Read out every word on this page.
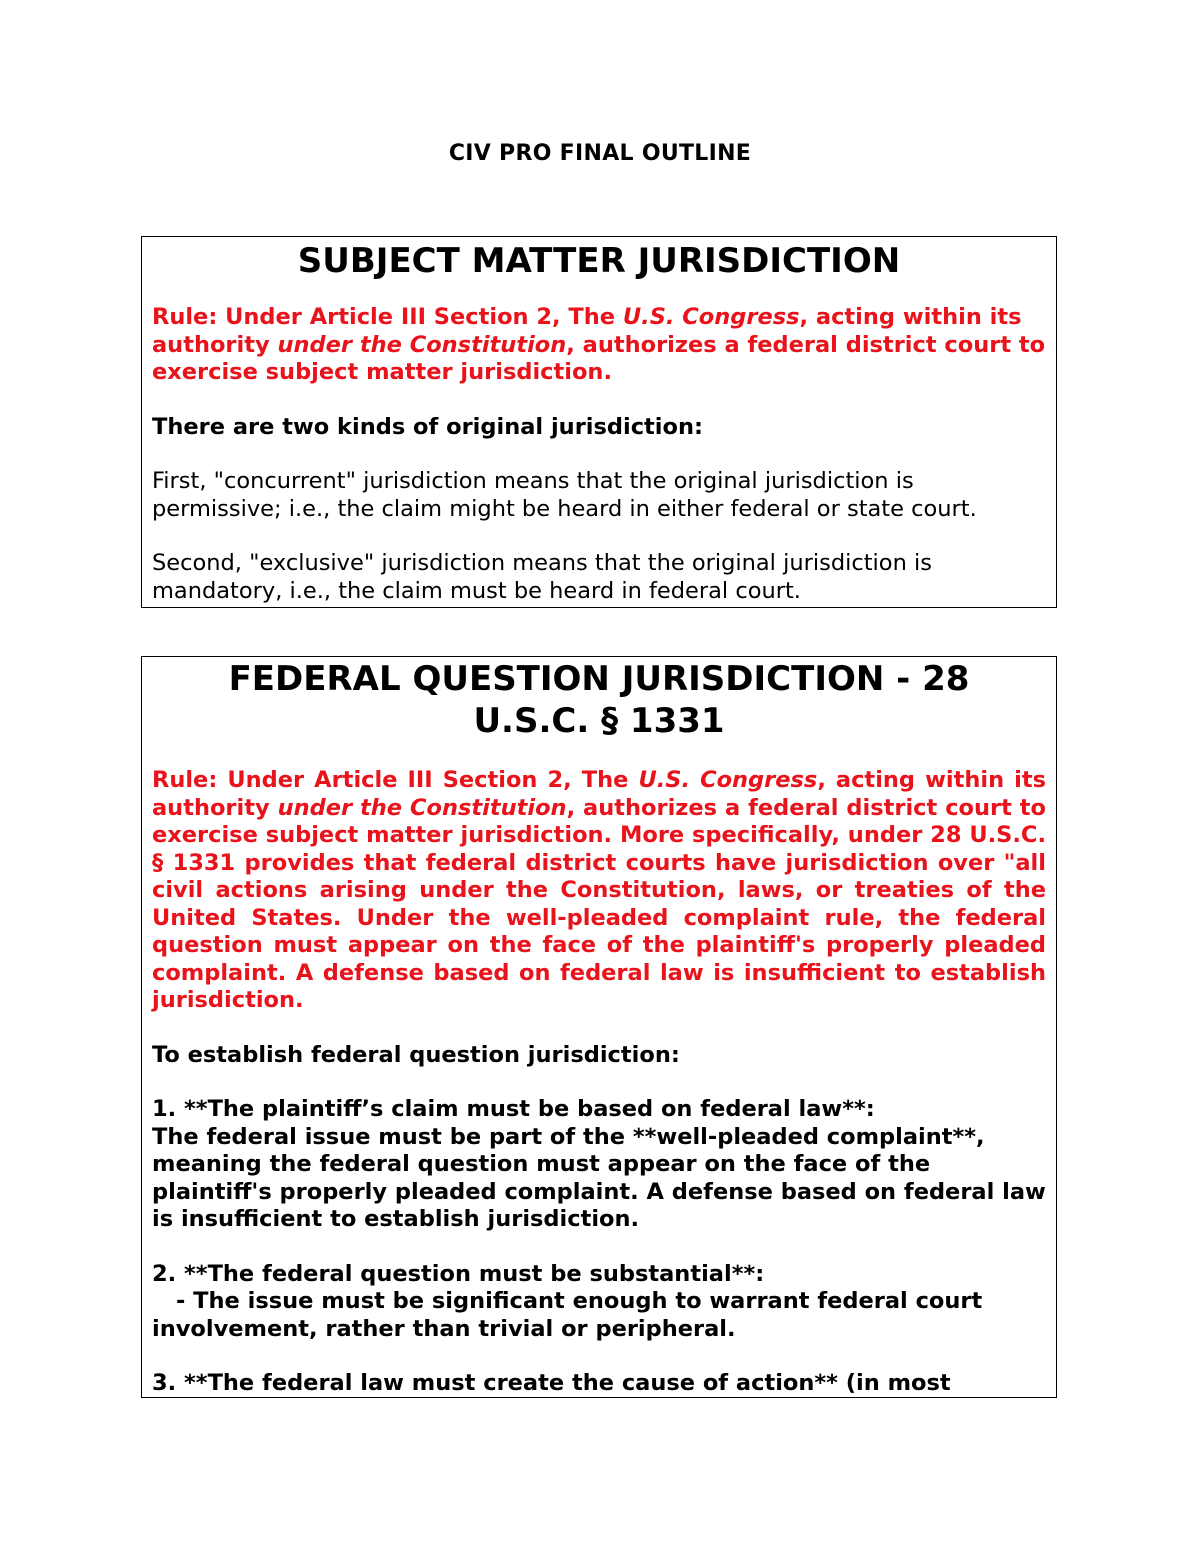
CIV PRO FINAL OUTLINE
SUBJECT MATTER JURISDICTION

Rule: Under Article III Section 2, The U.S. Congress, acting within its authority under the Constitution, authorizes a federal district court to exercise subject matter jurisdiction.

There are two kinds of original jurisdiction:

First, "concurrent" jurisdiction means that the original jurisdiction is permissive; i.e., the claim might be heard in either federal or state court.

Second, "exclusive" jurisdiction means that the original jurisdiction is mandatory, i.e., the claim must be heard in federal court.

FEDERAL QUESTION JURISDICTION - 28
U.S.C. § 1331

Rule: Under Article III Section 2, The U.S. Congress, acting within its authority under the Constitution, authorizes a federal district court to exercise subject matter jurisdiction. More specifically, under 28 U.S.C. § 1331 provides that federal district courts have jurisdiction over "all civil actions arising under the Constitution, laws, or treaties of the United States. Under the well-pleaded complaint rule, the federal question must appear on the face of the plaintiff's properly pleaded complaint. A defense based on federal law is insufficient to establish jurisdiction.

To establish federal question jurisdiction:

1. **The plaintiff’s claim must be based on federal law**:

The federal issue must be part of the **well-pleaded complaint**, meaning the federal question must appear on the face of the plaintiff's properly pleaded complaint. A defense based on federal law is insufficient to establish jurisdiction.

2. **The federal question must be substantial**:

- The issue must be significant enough to warrant federal court

involvement, rather than trivial or peripheral.

3. **The federal law must create the cause of action** (in most
